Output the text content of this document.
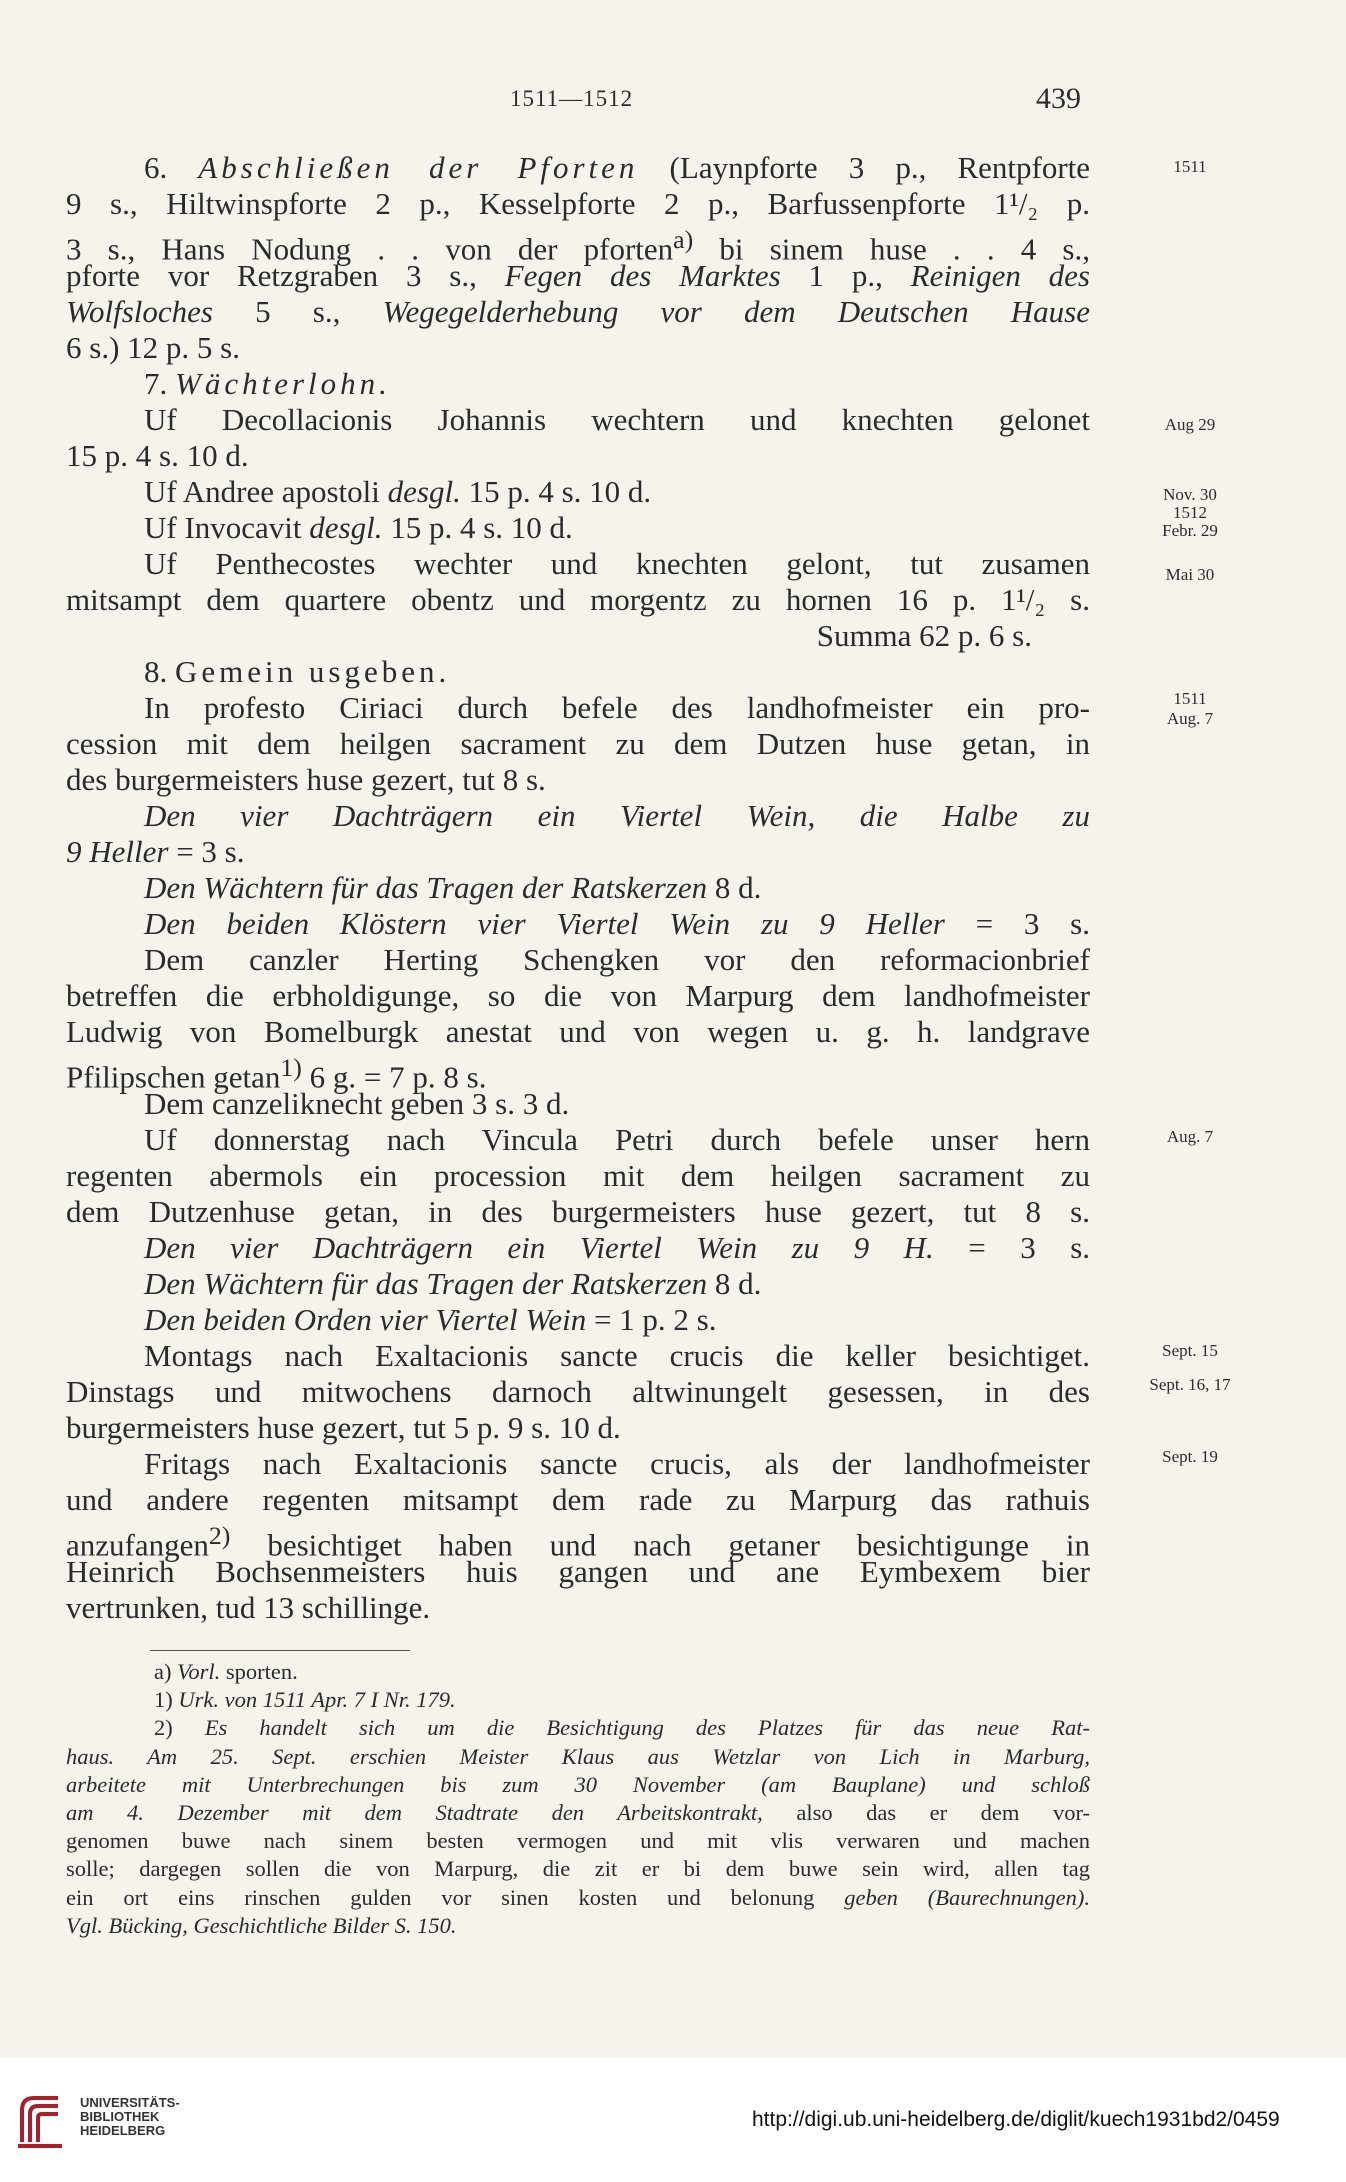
1511—1512	439
1511
Aug 29
Nov. 30
1512
Febr. 29
Mai 30
1511
Aug. 7
Aug. 7
Sept. 15
Sept. 16, 17
Sept. 19
6. Abschließen der Pforten (Laynpforte 3 p., Rentpforte
9 s., Hiltwinspforte 2 p., Kesselpforte 2 p., Barfussenpforte 1¹/₂ p.
3 s., Hans Nodung . . von der pforten$^{a)}$ bi sinem huse . . 4 s.,
pforte vor Retzgraben 3 s., Fegen des Marktes 1 p., Reinigen des
Wolfsloches 5 s., Wegegelderhebung vor dem Deutschen Hause
6 s.) 12 p. 5 s.
7. Wächterlohn.
Uf Decollacionis Johannis wechtern und knechten gelonet
15 p. 4 s. 10 d.
Uf Andree apostoli desgl. 15 p. 4 s. 10 d.
Uf Invocavit desgl. 15 p. 4 s. 10 d.
Uf Penthecostes wechter und knechten gelont, tut zusamen
mitsampt dem quartere obentz und morgentz zu hornen 16 p. 1¹/₂ s.
Summa 62 p. 6 s.
8. Gemein usgeben.
In profesto Ciriaci durch befele des landhofmeister ein pro-
cession mit dem heilgen sacrament zu dem Dutzen huse getan, in
des burgermeisters huse gezert, tut 8 s.
Den vier Dachträgern ein Viertel Wein, die Halbe zu
9 Heller = 3 s.
Den Wächtern für das Tragen der Ratskerzen 8 d.
Den beiden Klöstern vier Viertel Wein zu 9 Heller = 3 s.
Dem canzler Herting Schengken vor den reformacionbrief
betreffen die erbholdigunge, so die von Marpurg dem landhofmeister
Ludwig von Bomelburgk anestat und von wegen u. g. h. landgrave
Pfilipschen getan$^{1)}$ 6 g. = 7 p. 8 s.
Dem canzeliknecht geben 3 s. 3 d.
Uf donnerstag nach Vincula Petri durch befele unser hern
regenten abermols ein procession mit dem heilgen sacrament zu
dem Dutzenhuse getan, in des burgermeisters huse gezert, tut 8 s.
Den vier Dachträgern ein Viertel Wein zu 9 H. = 3 s.
Den Wächtern für das Tragen der Ratskerzen 8 d.
Den beiden Orden vier Viertel Wein = 1 p. 2 s.
Montags nach Exaltacionis sancte crucis die keller besichtiget.
Dinstags und mitwochens darnoch altwinungelt gesessen, in des
burgermeisters huse gezert, tut 5 p. 9 s. 10 d.
Fritags nach Exaltacionis sancte crucis, als der landhofmeister
und andere regenten mitsampt dem rade zu Marpurg das rathuis
anzufangen$^{2)}$ besichtiget haben und nach getaner besichtigunge in
Heinrich Bochsenmeisters huis gangen und ane Eymbexem bier
vertrunken, tud 13 schillinge.
a) Vorl. sporten.
1) Urk. von 1511 Apr. 7 I Nr. 179.
2) Es handelt sich um die Besichtigung des Platzes für das neue Rat-
haus. Am 25. Sept. erschien Meister Klaus aus Wetzlar von Lich in Marburg,
arbeitete mit Unterbrechungen bis zum 30 November (am Bauplane) und schloß
am 4. Dezember mit dem Stadtrate den Arbeitskontrakt, also das er dem vor-
genomen buwe nach sinem besten vermogen und mit vlis verwaren und machen
solle; dargegen sollen die von Marpurg, die zit er bi dem buwe sein wird, allen tag
ein ort eins rinschen gulden vor sinen kosten und belonung geben (Baurechnungen).
Vgl. Bücking, Geschichtliche Bilder S. 150.
UNIVERSITÄTS-
BIBLIOTHEK
HEIDELBERG	http://digi.ub.uni-heidelberg.de/diglit/kuech1931bd2/0459
